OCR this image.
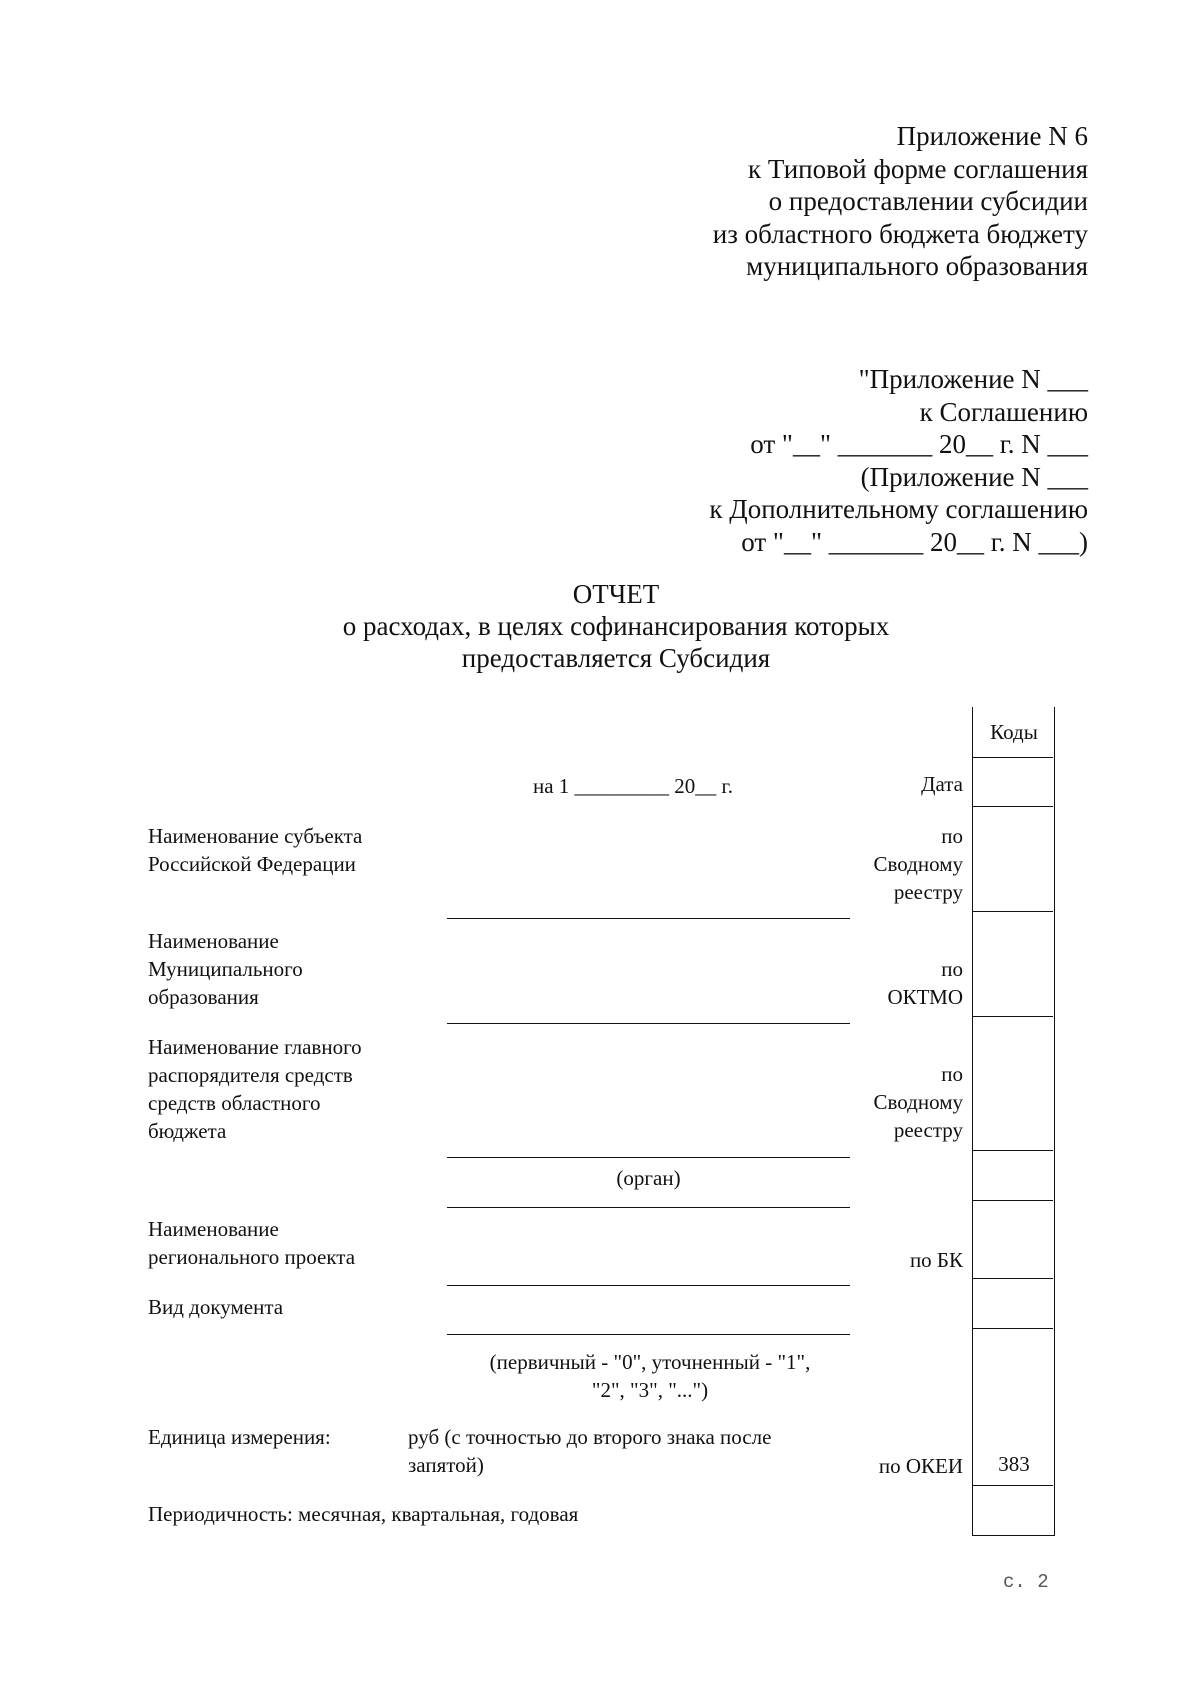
Приложение N 6
к Типовой форме соглашения
о предоставлении субсидии
из областного бюджета бюджету
муниципального образования
"Приложение N ___
к Соглашению
от "__" _______ 20__ г. N ___
(Приложение N ___
к Дополнительному соглашению
от "__" _______ 20__ г. N ___)
ОТЧЕТ
о расходах, в целях софинансирования которых
предоставляется Субсидия
Коды
383
Дата
по
Сводному
реестру
по
ОКТМО
по
Сводному
реестру
по БК
по ОКЕИ
на 1 _________ 20__ г.
Наименование субъекта
Российской Федерации
Наименование
Муниципального
образования
Наименование главного
распорядителя средств
средств областного
бюджета
(орган)
Наименование
регионального проекта
Вид документа
(первичный - "0", уточненный - "1",
"2", "3", "...")
Единица измерения:	руб (с точностью до второго знака после
запятой)
Периодичность: месячная, квартальная, годовая
с. 2
